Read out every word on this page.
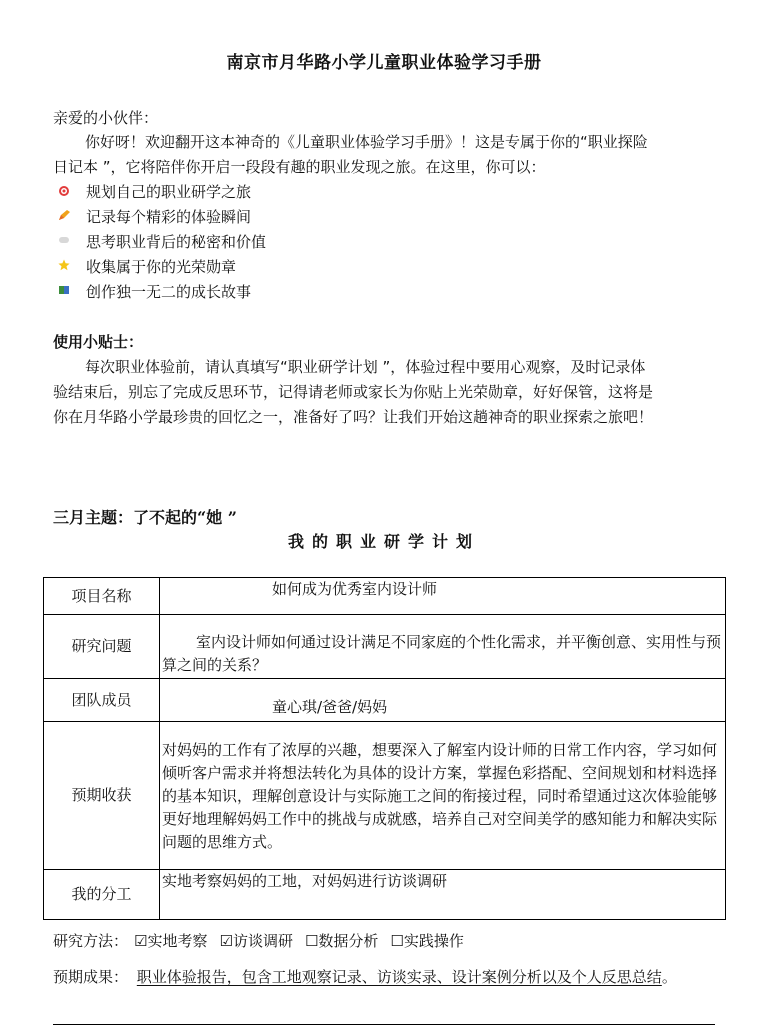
南京市月华路小学儿童职业体验学习手册
亲爱的小伙伴：
你好呀！欢迎翻开这本神奇的《儿童职业体验学习手册》！这是专属于你的“职业探险
日记本 ”，它将陪伴你开启一段段有趣的职业发现之旅。在这里，你可以：
规划自己的职业研学之旅
记录每个精彩的体验瞬间
思考职业背后的秘密和价值
收集属于你的光荣勋章
创作独一无二的成长故事
使用小贴士：
每次职业体验前，请认真填写“职业研学计划 ”，体验过程中要用心观察，及时记录体
验结束后，别忘了完成反思环节，记得请老师或家长为你贴上光荣勋章，好好保管，这将是
你在月华路小学最珍贵的回忆之一，准备好了吗？让我们开始这趟神奇的职业探索之旅吧！
三月主题：了不起的“她 ”
我的职业研学计划
项目名称	如何成为优秀室内设计师

研究问题	室内设计师如何通过设计满足不同家庭的个性化需求，并平衡创意、实用性与预算之间的关系？

团队成员	童心琪/爸爸/妈妈

预期收获	对妈妈的工作有了浓厚的兴趣，想要深入了解室内设计师的日常工作内容，学习如何倾听客户需求并将想法转化为具体的设计方案，掌握色彩搭配、空间规划和材料选择的基本知识，理解创意设计与实际施工之间的衔接过程，同时希望通过这次体验能够更好地理解妈妈工作中的挑战与成就感，培养自己对空间美学的感知能力和解决实际问题的思维方式。

我的分工	实地考察妈妈的工地，对妈妈进行访谈调研
研究方法： ☑实地考察 ☑访谈调研 ☐数据分析 ☐实践操作
预期成果： 职业体验报告，包含工地观察记录、访谈实录、设计案例分析以及个人反思总结。
